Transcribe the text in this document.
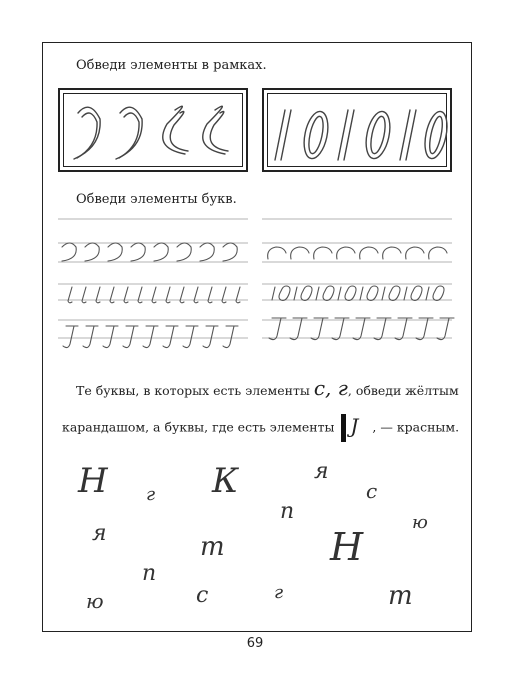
Обведи элементы в рамках.
Обведи элементы букв.
Те буквы, в которых есть элементы с, г, обведи жёлтым
карандашом, а буквы, где есть элементы J , — красным.
Н г К	я
с
п
я	т
ю
Н
п
с	г
ю	т
69
